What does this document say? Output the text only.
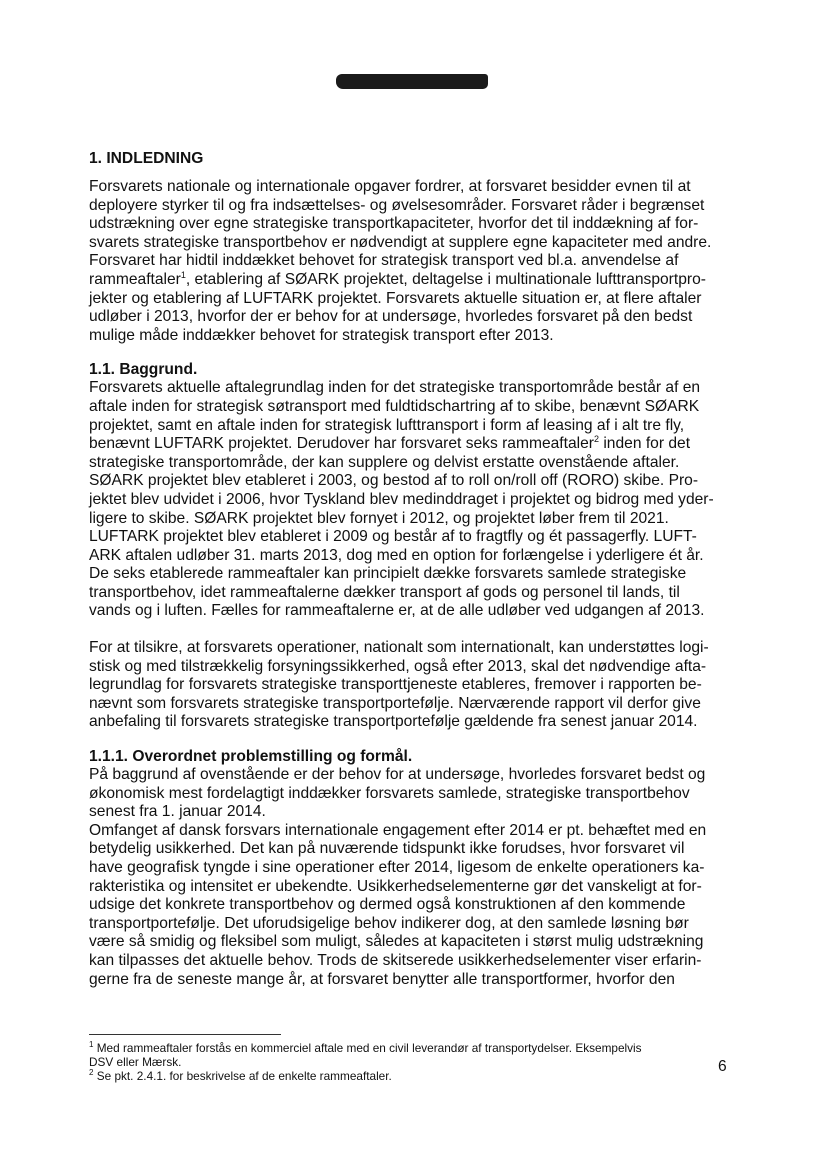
1. INDLEDNING

Forsvarets nationale og internationale opgaver fordrer, at forsvaret besidder evnen til at

deployere styrker til og fra indsættelses- og øvelsesområder. Forsvaret råder i begrænset

udstrækning over egne strategiske transportkapaciteter, hvorfor det til inddækning af for-

svarets strategiske transportbehov er nødvendigt at supplere egne kapaciteter med andre.

Forsvaret har hidtil inddækket behovet for strategisk transport ved bl.a. anvendelse af

rammeaftaler$^1$, etablering af SØARK projektet, deltagelse i multinationale lufttransportpro-

jekter og etablering af LUFTARK projektet. Forsvarets aktuelle situation er, at flere aftaler

udløber i 2013, hvorfor der er behov for at undersøge, hvorledes forsvaret på den bedst

mulige måde inddækker behovet for strategisk transport efter 2013.

1.1. Baggrund.

Forsvarets aktuelle aftalegrundlag inden for det strategiske transportområde består af en

aftale inden for strategisk søtransport med fuldtidschartring af to skibe, benævnt SØARK

projektet, samt en aftale inden for strategisk lufttransport i form af leasing af i alt tre fly,

benævnt LUFTARK projektet. Derudover har forsvaret seks rammeaftaler$^2$ inden for det

strategiske transportområde, der kan supplere og delvist erstatte ovenstående aftaler.

SØARK projektet blev etableret i 2003, og bestod af to roll on/roll off (RORO) skibe. Pro-

jektet blev udvidet i 2006, hvor Tyskland blev medinddraget i projektet og bidrog med yder-

ligere to skibe. SØARK projektet blev fornyet i 2012, og projektet løber frem til 2021.

LUFTARK projektet blev etableret i 2009 og består af to fragtfly og ét passagerfly. LUFT-

ARK aftalen udløber 31. marts 2013, dog med en option for forlængelse i yderligere ét år.

De seks etablerede rammeaftaler kan principielt dække forsvarets samlede strategiske

transportbehov, idet rammeaftalerne dækker transport af gods og personel til lands, til

vands og i luften. Fælles for rammeaftalerne er, at de alle udløber ved udgangen af 2013.

For at tilsikre, at forsvarets operationer, nationalt som internationalt, kan understøttes logi-

stisk og med tilstrækkelig forsyningssikkerhed, også efter 2013, skal det nødvendige afta-

legrundlag for forsvarets strategiske transporttjeneste etableres, fremover i rapporten be-

nævnt som forsvarets strategiske transportportefølje. Nærværende rapport vil derfor give

anbefaling til forsvarets strategiske transportportefølje gældende fra senest januar 2014.

1.1.1. Overordnet problemstilling og formål.

På baggrund af ovenstående er der behov for at undersøge, hvorledes forsvaret bedst og

økonomisk mest fordelagtigt inddækker forsvarets samlede, strategiske transportbehov

senest fra 1. januar 2014.

Omfanget af dansk forsvars internationale engagement efter 2014 er pt. behæftet med en

betydelig usikkerhed. Det kan på nuværende tidspunkt ikke forudses, hvor forsvaret vil

have geografisk tyngde i sine operationer efter 2014, ligesom de enkelte operationers ka-

rakteristika og intensitet er ubekendte. Usikkerhedselementerne gør det vanskeligt at for-

udsige det konkrete transportbehov og dermed også konstruktionen af den kommende

transportportefølje. Det uforudsigelige behov indikerer dog, at den samlede løsning bør

være så smidig og fleksibel som muligt, således at kapaciteten i størst mulig udstrækning

kan tilpasses det aktuelle behov. Trods de skitserede usikkerhedselementer viser erfarin-

gerne fra de seneste mange år, at forsvaret benytter alle transportformer, hvorfor den

$^1$ Med rammeaftaler forstås en kommerciel aftale med en civil leverandør af transportydelser. Eksempelvis

DSV eller Mærsk.

$^2$ Se pkt. 2.4.1. for beskrivelse af de enkelte rammeaftaler.

6
